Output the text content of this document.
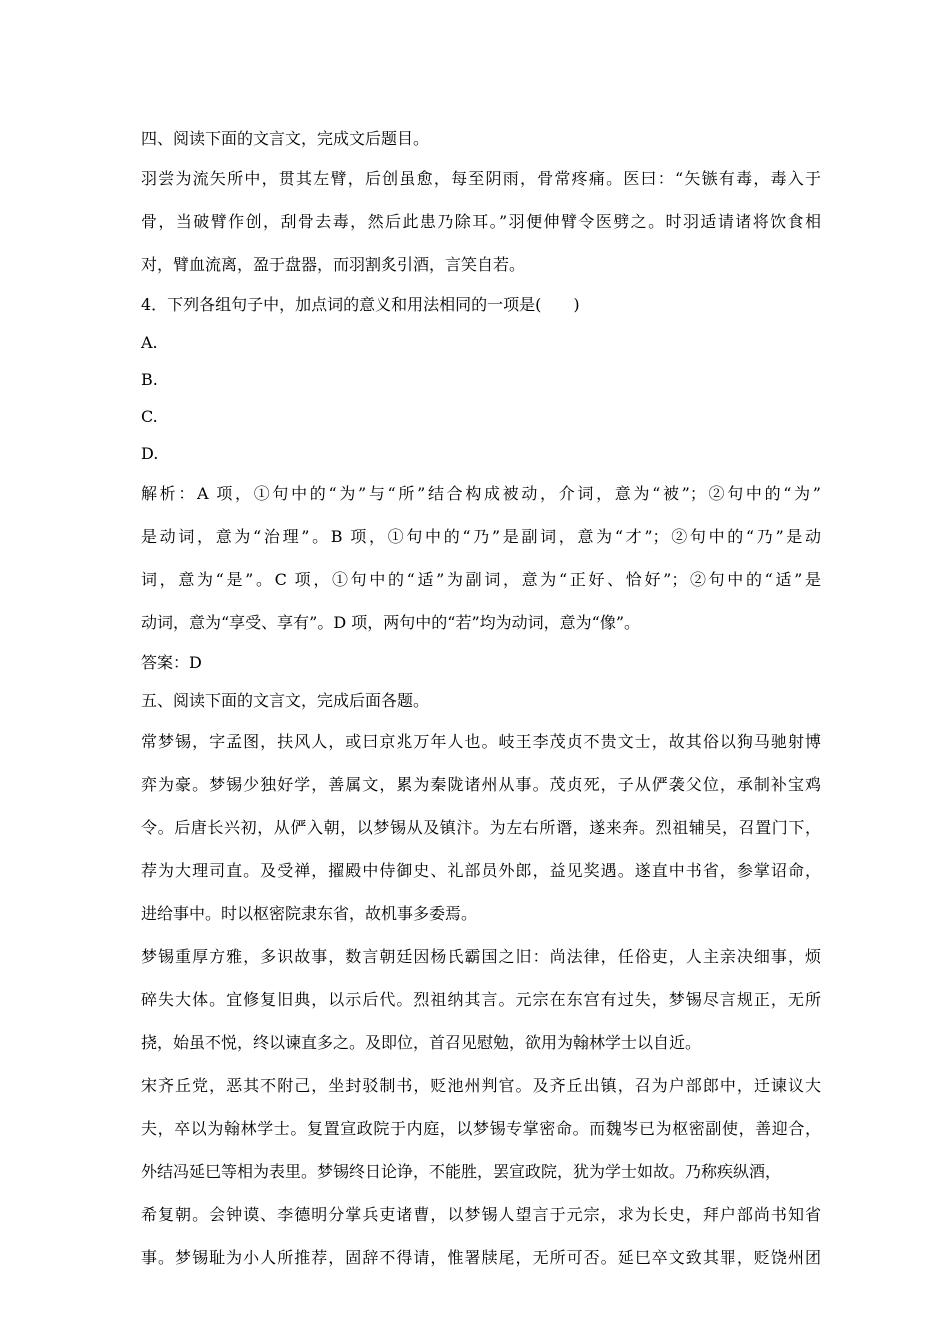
四、阅读下面的文言文，完成文后题目。
羽尝为流矢所中，贯其左臂，后创虽愈，每至阴雨，骨常疼痛。医曰：“矢镞有毒，毒入于
骨，当破臂作创，刮骨去毒，然后此患乃除耳。”羽便伸臂令医劈之。时羽适请诸将饮食相
对，臂血流离，盈于盘器，而羽割炙引酒，言笑自若。
4．下列各组句子中，加点词的意义和用法相同的一项是(　　)
A.
B.
C.
D.
解析：A 项，①句中的“为”与“所”结合构成被动，介词，意为“被”；②句中的“为”
是动词，意为“治理”。B 项，①句中的“乃”是副词，意为“才”；②句中的“乃”是动
词，意为“是”。C 项，①句中的“适”为副词，意为“正好、恰好”；②句中的“适”是
动词，意为“享受、享有”。D 项，两句中的“若”均为动词，意为“像”。
答案：D
五、阅读下面的文言文，完成后面各题。
常梦锡，字孟图，扶风人，或曰京兆万年人也。岐王李茂贞不贵文士，故其俗以狗马驰射博
弈为豪。梦锡少独好学，善属文，累为秦陇诸州从事。茂贞死，子从俨袭父位，承制补宝鸡
令。后唐长兴初，从俨入朝，以梦锡从及镇汴。为左右所谮，遂来奔。烈祖辅吴，召置门下，
荐为大理司直。及受禅，擢殿中侍御史、礼部员外郎，益见奖遇。遂直中书省，参掌诏命，
进给事中。时以枢密院隶东省，故机事多委焉。
梦锡重厚方雅，多识故事，数言朝廷因杨氏霸国之旧：尚法律，任俗吏，人主亲决细事，烦
碎失大体。宜修复旧典，以示后代。烈祖纳其言。元宗在东宫有过失，梦锡尽言规正，无所
挠，始虽不悦，终以谏直多之。及即位，首召见慰勉，欲用为翰林学士以自近。
宋齐丘党，恶其不附己，坐封驳制书，贬池州判官。及齐丘出镇，召为户部郎中，迁谏议大
夫，卒以为翰林学士。复置宣政院于内庭，以梦锡专掌密命。而魏岑已为枢密副使，善迎合，
外结冯延巳等相为表里。梦锡终日论诤，不能胜，罢宣政院，犹为学士如故。乃称疾纵酒，
希复朝。会钟谟、李德明分掌兵吏诸曹，以梦锡人望言于元宗，求为长史，拜户部尚书知省
事。梦锡耻为小人所推荐，固辞不得请，惟署牍尾，无所可否。延巳卒文致其罪，贬饶州团
